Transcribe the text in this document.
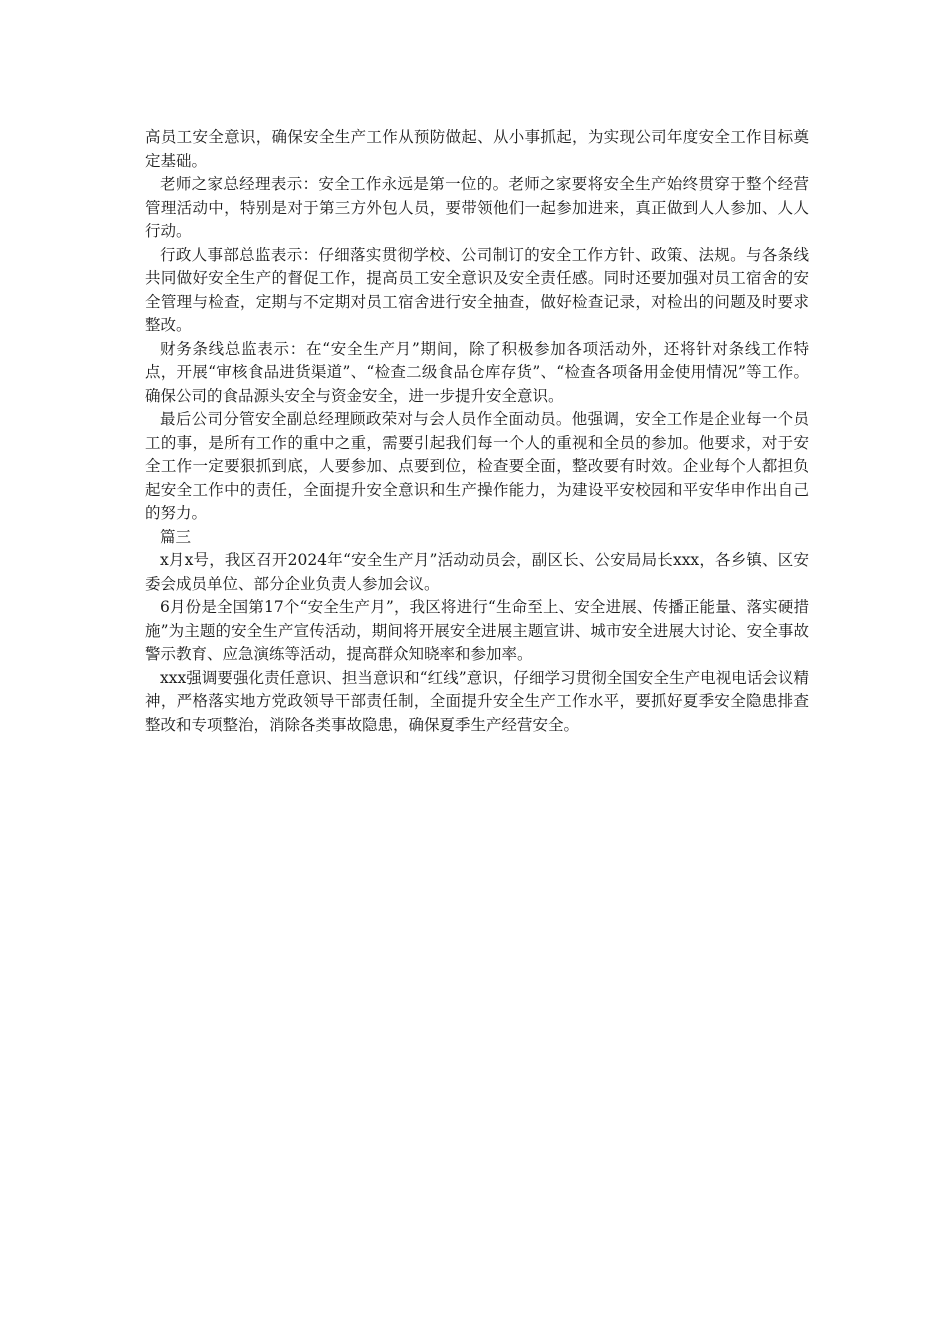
高员工安全意识，确保安全生产工作从预防做起、从小事抓起，为实现公司年度安全工作目标奠定基础。

老师之家总经理表示：安全工作永远是第一位的。老师之家要将安全生产始终贯穿于整个经营管理活动中，特别是对于第三方外包人员，要带领他们一起参加进来，真正做到人人参加、人人行动。

行政人事部总监表示：仔细落实贯彻学校、公司制订的安全工作方针、政策、法规。与各条线共同做好安全生产的督促工作，提高员工安全意识及安全责任感。同时还要加强对员工宿舍的安全管理与检查，定期与不定期对员工宿舍进行安全抽查，做好检查记录，对检出的问题及时要求整改。

财务条线总监表示：在“安全生产月”期间，除了积极参加各项活动外，还将针对条线工作特点，开展“审核食品进货渠道”、“检查二级食品仓库存货”、“检查各项备用金使用情况”等工作。确保公司的食品源头安全与资金安全，进一步提升安全意识。

最后公司分管安全副总经理顾政荣对与会人员作全面动员。他强调，安全工作是企业每一个员工的事，是所有工作的重中之重，需要引起我们每一个人的重视和全员的参加。他要求，对于安全工作一定要狠抓到底，人要参加、点要到位，检查要全面，整改要有时效。企业每个人都担负起安全工作中的责任，全面提升安全意识和生产操作能力，为建设平安校园和平安华申作出自己的努力。

篇三

x月x号，我区召开2024年“安全生产月”活动动员会，副区长、公安局局长xxx，各乡镇、区安委会成员单位、部分企业负责人参加会议。

6月份是全国第17个“安全生产月”，我区将进行“生命至上、安全进展、传播正能量、落实硬措施”为主题的安全生产宣传活动，期间将开展安全进展主题宣讲、城市安全进展大讨论、安全事故警示教育、应急演练等活动，提高群众知晓率和参加率。

xxx强调要强化责任意识、担当意识和“红线”意识，仔细学习贯彻全国安全生产电视电话会议精神，严格落实地方党政领导干部责任制，全面提升安全生产工作水平，要抓好夏季安全隐患排查整改和专项整治，消除各类事故隐患，确保夏季生产经营安全。
